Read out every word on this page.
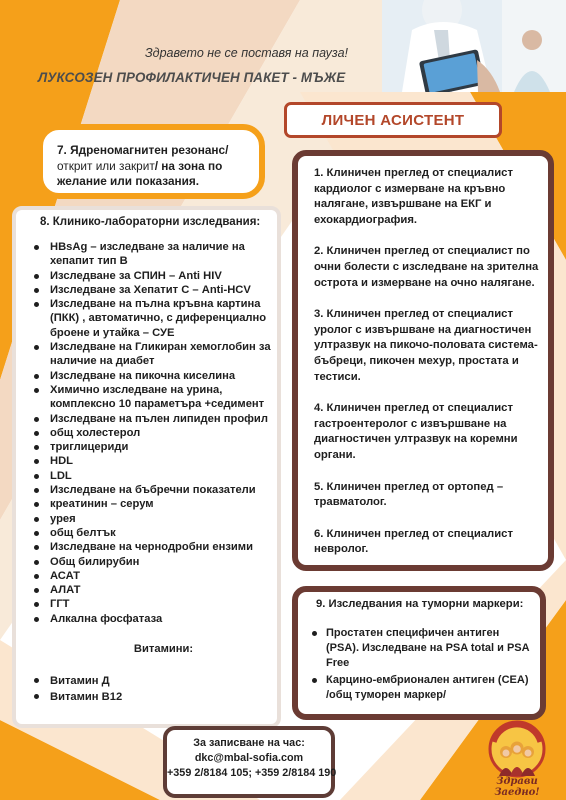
Здравето не се поставя на пауза!
ЛУКСОЗЕН ПРОФИЛАКТИЧЕН ПАКЕТ - МЪЖЕ
ЛИЧЕН АСИСТЕНТ
7. Ядреномагнитен резонанс/
открит или закрит/ на зона по
желание или показания.
8. Клинико-лабораторни изследвания:
HBsAg – изследване за наличие на хепапит тип В
Изследване за СПИН – Anti HIV
Изследване за Хепатит С – Anti-HCV
Изследване на пълна кръвна картина (ПКК) , автоматично, с диференциално броене и утайка – СУЕ
Изследване на Гликиран хемоглобин за наличие на диабет
Изследване на пикочна киселина
Химично изследване на урина, комплексно 10 параметъра +седимент
Изследване на пълен липиден профил
общ холестерол
триглицериди
HDL
LDL
Изследване на бъбречни показатели
креатинин – серум
урея
общ белтък
Изследване на чернодробни ензими
Общ билирубин
АСАТ
АЛАТ
ГГТ
Алкална фосфатаза
Витамини:
Витамин Д
Витамин В12
1. Клиничен преглед от специалист кардиолог с измерване на кръвно налягане, извършване на ЕКГ и ехокардиография.
2. Клиничен преглед от специалист по очни болести с изследване на зрителна острота и измерване на очно налягане.
3. Клиничен преглед от специалист уролог с извършване на диагностичен ултразвук на пикочо-половата система-бъбреци, пикочен мехур, простата и тестиси.
4. Клиничен преглед от специалист гастроентеролог с извършване на диагностичен ултразвук на коремни органи.
5. Клиничен преглед от ортопед – травматолог.
6. Клиничен преглед от специалист невролог.
9. Изследвания на туморни маркери:
Простатен специфичен антиген (PSA). Изследване на PSA total и PSA Free
Карцино-ембрионален антиген (CEA) /общ туморен маркер/
За записване на час:
dkc@mbal-sofia.com
+359 2/8184 105; +359 2/8184 190
Здрави Заедно!
